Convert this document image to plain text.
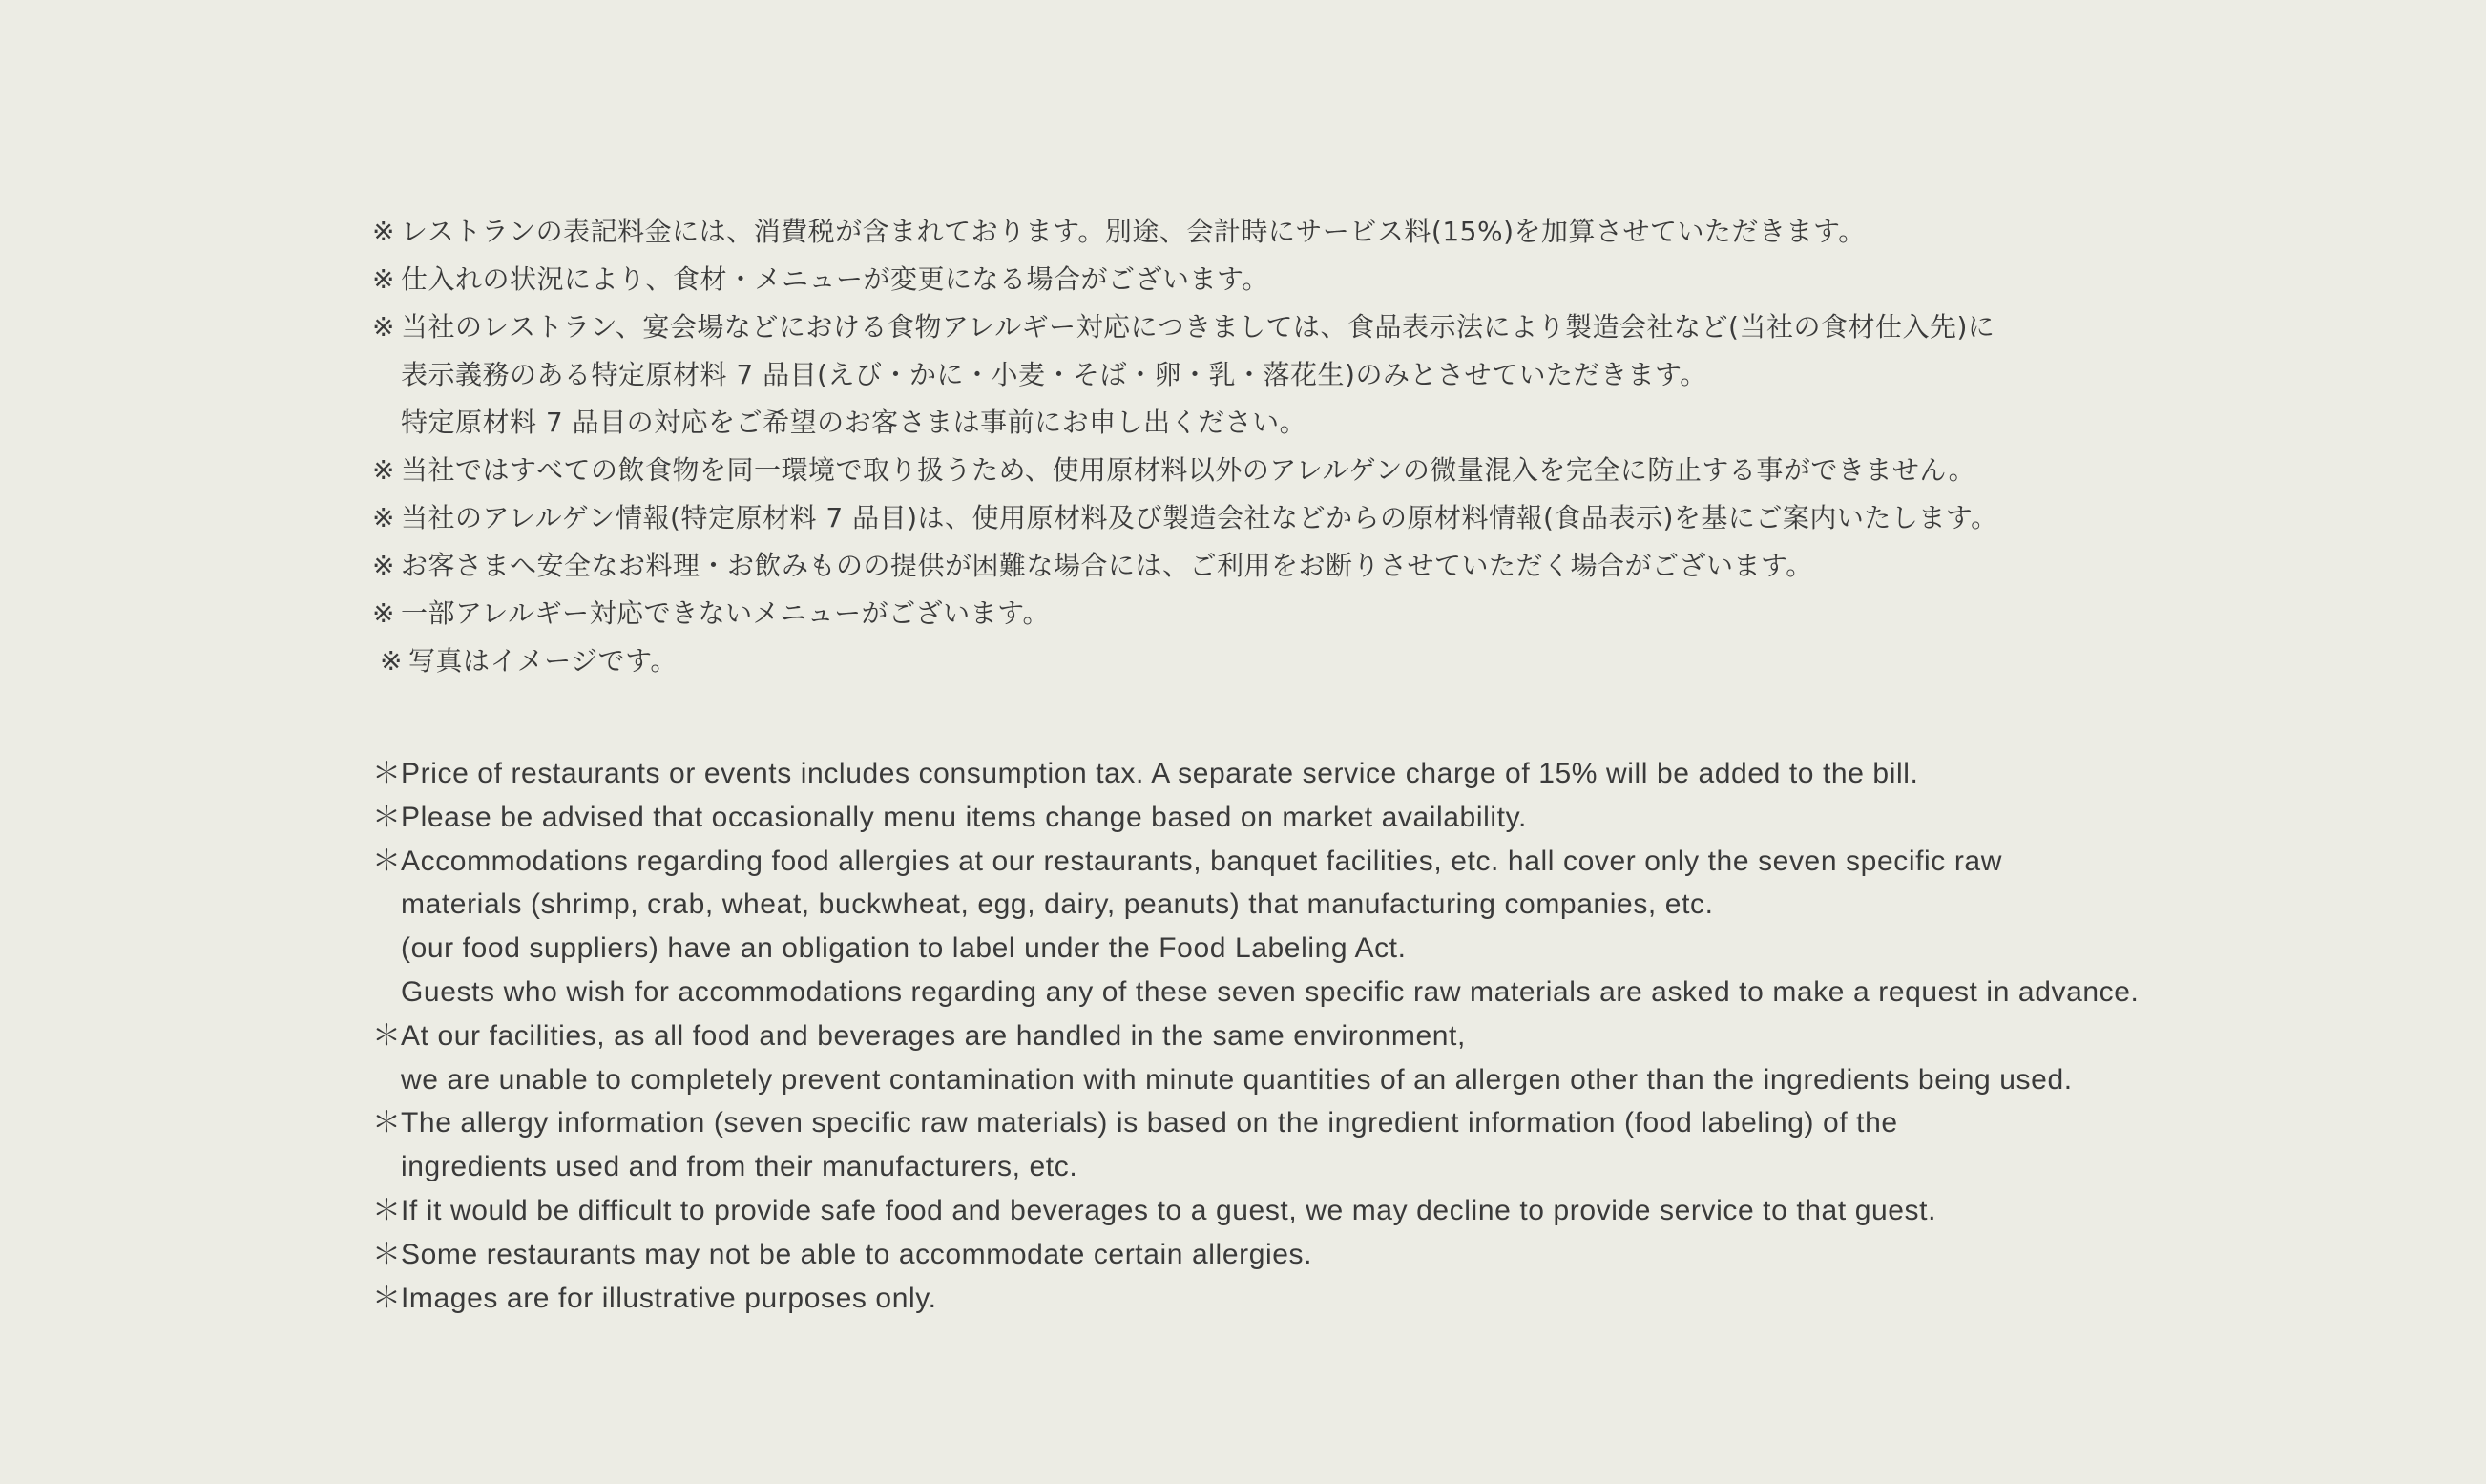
※ レストランの表記料金には、消費税が含まれております。別途、会計時にサービス料(15%)を加算させていただきます。
※ 仕入れの状況により、食材・メニューが変更になる場合がございます。
※ 当社のレストラン、宴会場などにおける食物アレルギー対応につきましては、食品表示法により製造会社など(当社の食材仕入先)に
表示義務のある特定原材料 7 品目(えび・かに・小麦・そば・卵・乳・落花生)のみとさせていただきます。
特定原材料 7 品目の対応をご希望のお客さまは事前にお申し出ください。
※ 当社ではすべての飲食物を同一環境で取り扱うため、使用原材料以外のアレルゲンの微量混入を完全に防止する事ができません。
※ 当社のアレルゲン情報(特定原材料 7 品目)は、使用原材料及び製造会社などからの原材料情報(食品表示)を基にご案内いたします。
※ お客さまへ安全なお料理・お飲みものの提供が困難な場合には、ご利用をお断りさせていただく場合がございます。
※ 一部アレルギー対応できないメニューがございます。
※ 写真はイメージです。
＊ Price of restaurants or events includes consumption tax. A separate service charge of 15% will be added to the bill.
＊ Please be advised that occasionally menu items change based on market availability.
＊ Accommodations regarding food allergies at our restaurants, banquet facilities, etc. hall cover only the seven specific raw
materials (shrimp, crab, wheat, buckwheat, egg, dairy, peanuts) that manufacturing companies, etc.
(our food suppliers) have an obligation to label under the Food Labeling Act.
Guests who wish for accommodations regarding any of these seven specific raw materials are asked to make a request in advance.
＊ At our facilities, as all food and beverages are handled in the same environment,
we are unable to completely prevent contamination with minute quantities of an allergen other than the ingredients being used.
＊ The allergy information (seven specific raw materials) is based on the ingredient information (food labeling) of the
ingredients used and from their manufacturers, etc.
＊ If it would be difficult to provide safe food and beverages to a guest, we may decline to provide service to that guest.
＊ Some restaurants may not be able to accommodate certain allergies.
＊ Images are for illustrative purposes only.
